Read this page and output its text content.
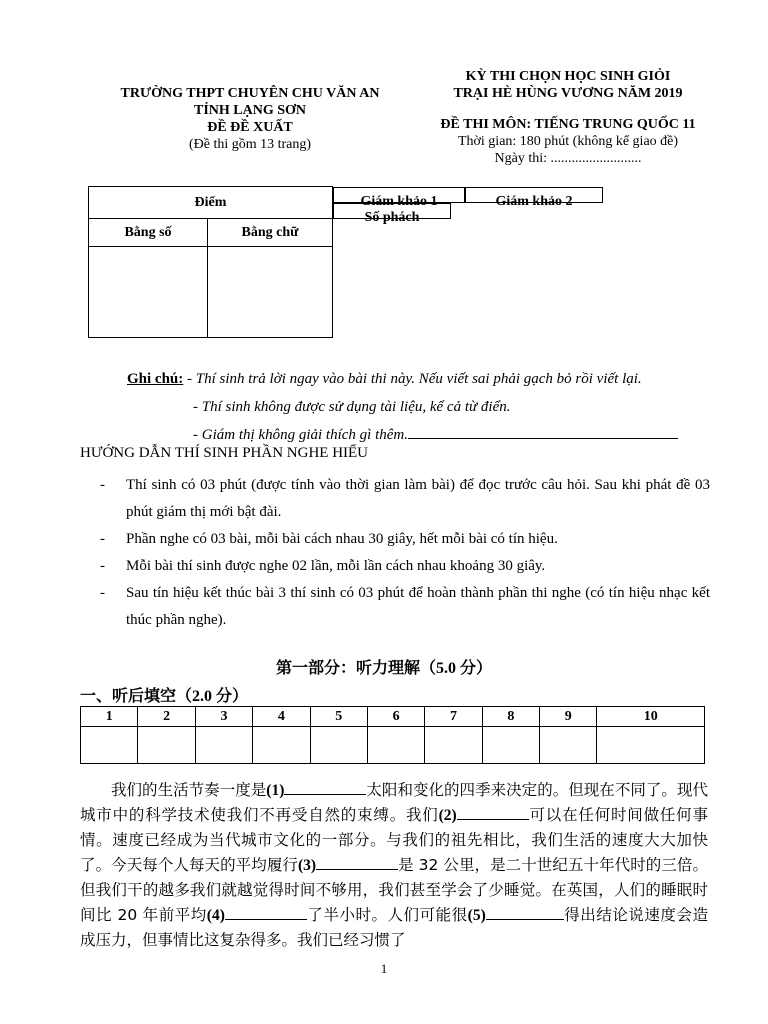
TRƯỜNG THPT CHUYÊN CHU VĂN AN
TỈNH LẠNG SƠN
ĐỀ ĐỀ XUẤT
(Đề thi gồm 13 trang)
KỲ THI CHỌN HỌC SINH GIỎI
TRẠI HÈ HÙNG VƯƠNG NĂM 2019
ĐỀ THI MÔN: TIẾNG TRUNG QUỐC 11
Thời gian: 180 phút (không kể giao đề)
Ngày thi: ..........................
Điểm		Giám khảo 1	Giám khảo 2
Số phách

Bằng số	Bằng chữ

Ghi chú: - Thí sinh trả lời ngay vào bài thi này. Nếu viết sai phải gạch bỏ rồi viết lại.
- Thí sinh không được sử dụng tài liệu, kể cả từ điển.
- Giám thị không giải thích gì thêm.
HƯỚNG DẪN THÍ SINH PHẦN NGHE HIỂU
-	Thí sinh có 03 phút (được tính vào thời gian làm bài) để đọc trước câu hỏi. Sau khi phát đề 03 phút giám thị mới bật đài.
-	Phần nghe có 03 bài, mỗi bài cách nhau 30 giây, hết mỗi bài có tín hiệu.
-	Mỗi bài thí sinh được nghe 02 lần, mỗi lần cách nhau khoảng 30 giây.
-	Sau tín hiệu kết thúc bài 3 thí sinh có 03 phút để hoàn thành phần thi nghe (có tín hiệu nhạc kết thúc phần nghe).
第一部分：听力理解（5.0 分）
一、听后填空（2.0 分）
1	2	3	4	5	6	7	8	9	10

我们的生活节奏一度是(1)	太阳和变化的四季来决定的。但现在不同了。现代城市中的科学技术使我们不再受自然的束缚。我们(2)	可以在任何时间做任何事情。速度已经成为当代城市文化的一部分。与我们的祖先相比，我们生活的速度大大加快了。今天每个人每天的平均履行(3)	是 32 公里，是二十世纪五十年代时的三倍。但我们干的越多我们就越觉得时间不够用，我们甚至学会了少睡觉。在英国，人们的睡眠时间比 20 年前平均(4)	了半小时。人们可能很(5)	得出结论说速度会造成压力，但事情比这复杂得多。我们已经习惯了

1
